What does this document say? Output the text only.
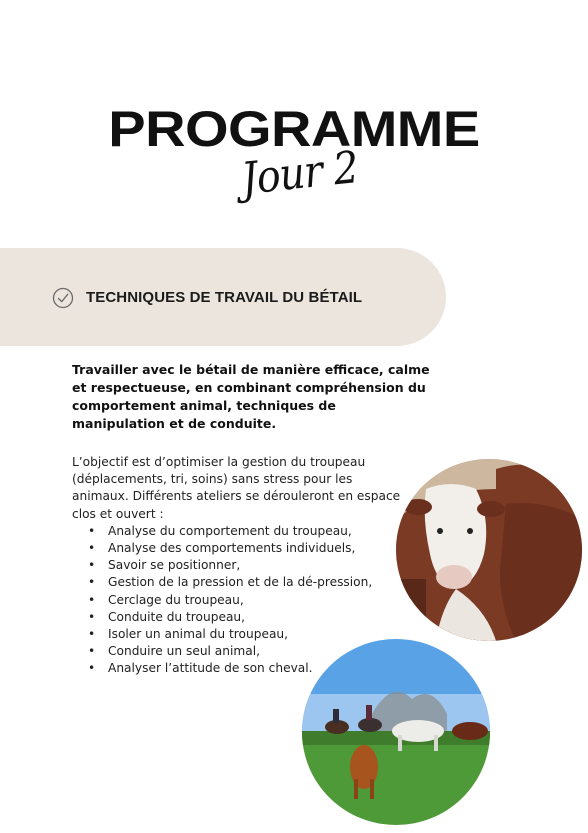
PROGRAMME
Jour 2
TECHNIQUES DE TRAVAIL DU BÉTAIL
Travailler avec le bétail de manière efficace, calme et respectueuse, en combinant compréhension du comportement animal, techniques de manipulation et de conduite.
L’objectif est d’optimiser la gestion du troupeau (déplacements, tri, soins) sans stress pour les animaux. Différents ateliers se dérouleront en espace clos et ouvert :
• Analyse du comportement du troupeau,
• Analyse des comportements individuels,
• Savoir se positionner,
• Gestion de la pression et de la dé-pression,
• Cerclage du troupeau,
• Conduite du troupeau,
• Isoler un animal du troupeau,
• Conduire un seul animal,
• Analyser l’attitude de son cheval.
